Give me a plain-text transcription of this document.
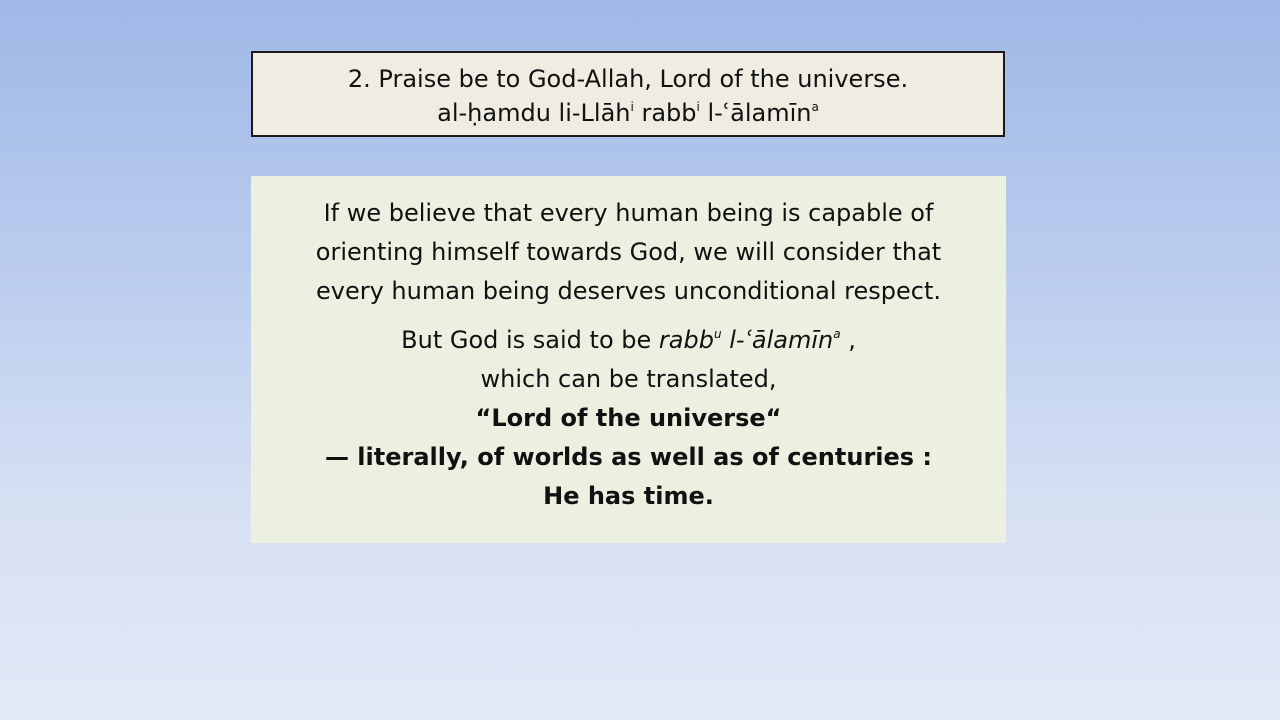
2. Praise be to God-Allah, Lord of the universe.
al-ḥamdu li-Llāh$^i$ rabb$^i$ l-ʿālamīn$^a$
If we believe that every human being is capable of
orienting himself towards God, we will consider that
every human being deserves unconditional respect.
But God is said to be rabb$^u$ l-ʿālamīn$^a$ ,
which can be translated,
“Lord of the universe“
— literally, of worlds as well as of centuries :
He has time.
